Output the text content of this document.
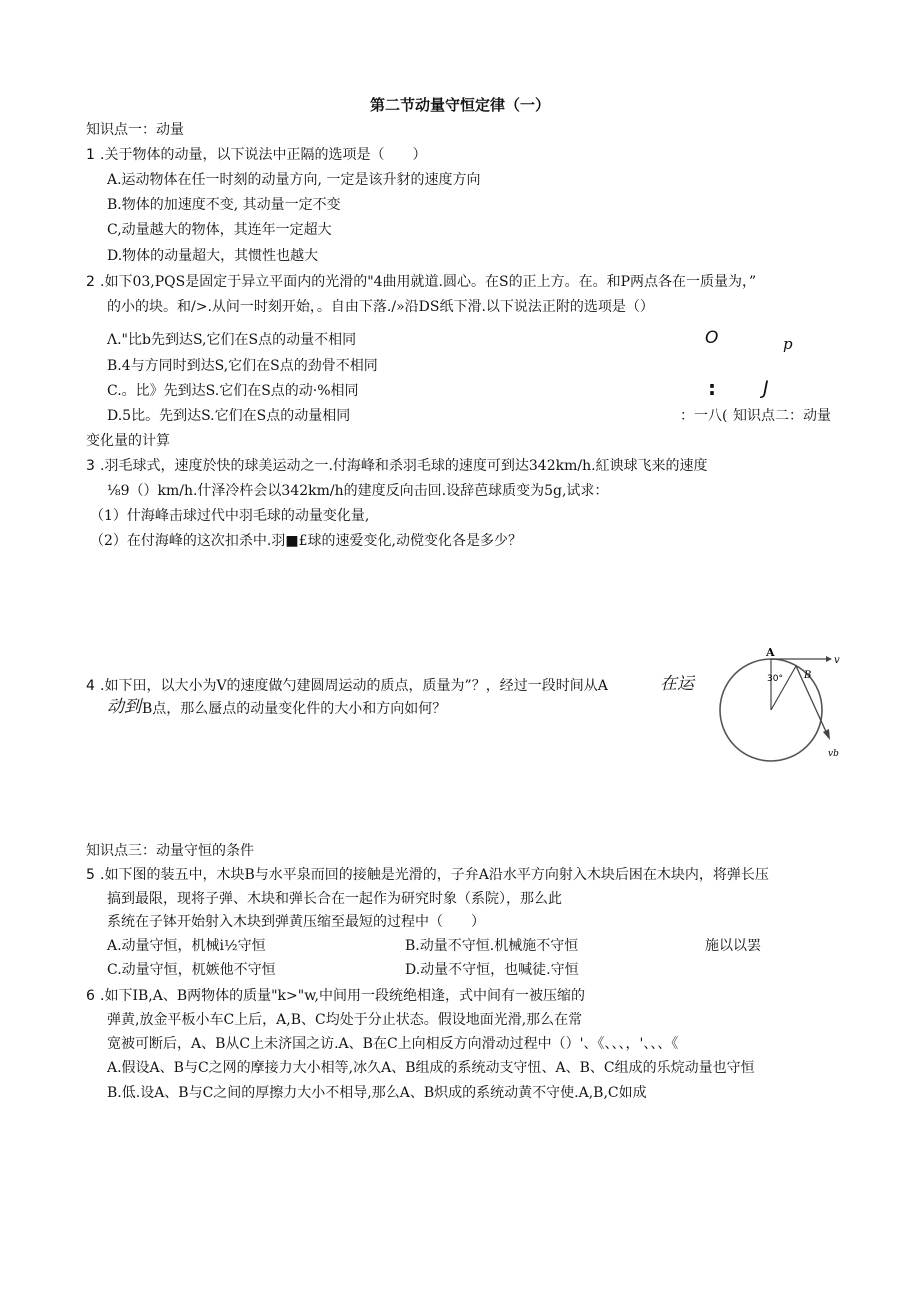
第二节动量守恒定律（一）
知识点一：动量
1 .关于物体的动量，以下说法中正隔的选项是（　　）
A.运动物体在任一时刻的动量方向, 一定是该升豺的速度方向
B.物体的加速度不变, 其动量一定不变
C,动量越大的物体，其连年一定超大
D.物体的动量超大，其惯性也越大
2 .如下03,PQS是固定于异立平面内的光滑的"4曲用就道.圆心。在S的正上方。在。和P两点各在一质量为，”
的小的块。和/>.从问一时刻开始，。自由下落./»沿DS纸下滑.以下说法正附的选项是（）
Λ."比b先到达S,它们在S点的动量不相同
B.4与方同时到达S,它们在S点的劲骨不相同
C.。比》先到达S.它们在S点的动·%相同
D.5比。先到达S.它们在S点的动量相同
O	p
: J
：一八( 知识点二：动量
变化量的计算
3 .羽毛球式，速度於快的球美运动之一.付海峰和杀羽毛球的速度可到达342km/h.紅谀球飞来的速度
⅛9（）km/h.什泽冷杵会以342km/h的建度反向击回.设辞芭球质变为5g,试求：
（1）什海峰击球过代中羽毛球的动量变化量,
（2）在付海峰的这次扣杀中.羽■£球的速爱变化,动傥变化各是多少？
4 .如下田，以大小为V的速度做勺建圆周运动的质点，质量为”？，经过一段时间从A	在运
动到 B点，那么蜃点的动量变化件的大小和方向如何？
A
B
v
vb
30°
知识点三：动量守恒的条件
5 .如下图的装五中，木块B与水平泉而回的接触是光滑的，子弁A沿水平方向射入木块后困在木块内，将弹长压
搞到最限，现将子弹、木块和弹长合在一起作为研究时象（系院），那么此
系统在子钵开始射入木块到弹黄压缩至最短的过程中（　　）
A.动量守恒，机械i½守恒	B.动量不守恒.机械施不守恒	施以以罢
C.动量守恒，杌嫉他不守恒	D.动量不守恒，也喊徒.守恒
6 .如下IB,A、B两物体的质量"k>"w,中间用一段统绝相逢，式中间有一被压缩的
弹黄,放金平板小车C上后，A,B、C均处于分止状态。假设地面光滑,那么在常
宽被可断后，A、B从C上未济国之访.A、B在C上向相反方向滑动过程中（）'、《、、、，'、、、《
A.假设A、B与C之网的摩接力大小相等,冰久A、B组成的系统动支守忸、A、B、C组成的乐烷动量也守恒
B.低.设A、B与C之间的厚擦力大小不相导,那么A、B炽成的系统动黄不守使.A,B,C如成
